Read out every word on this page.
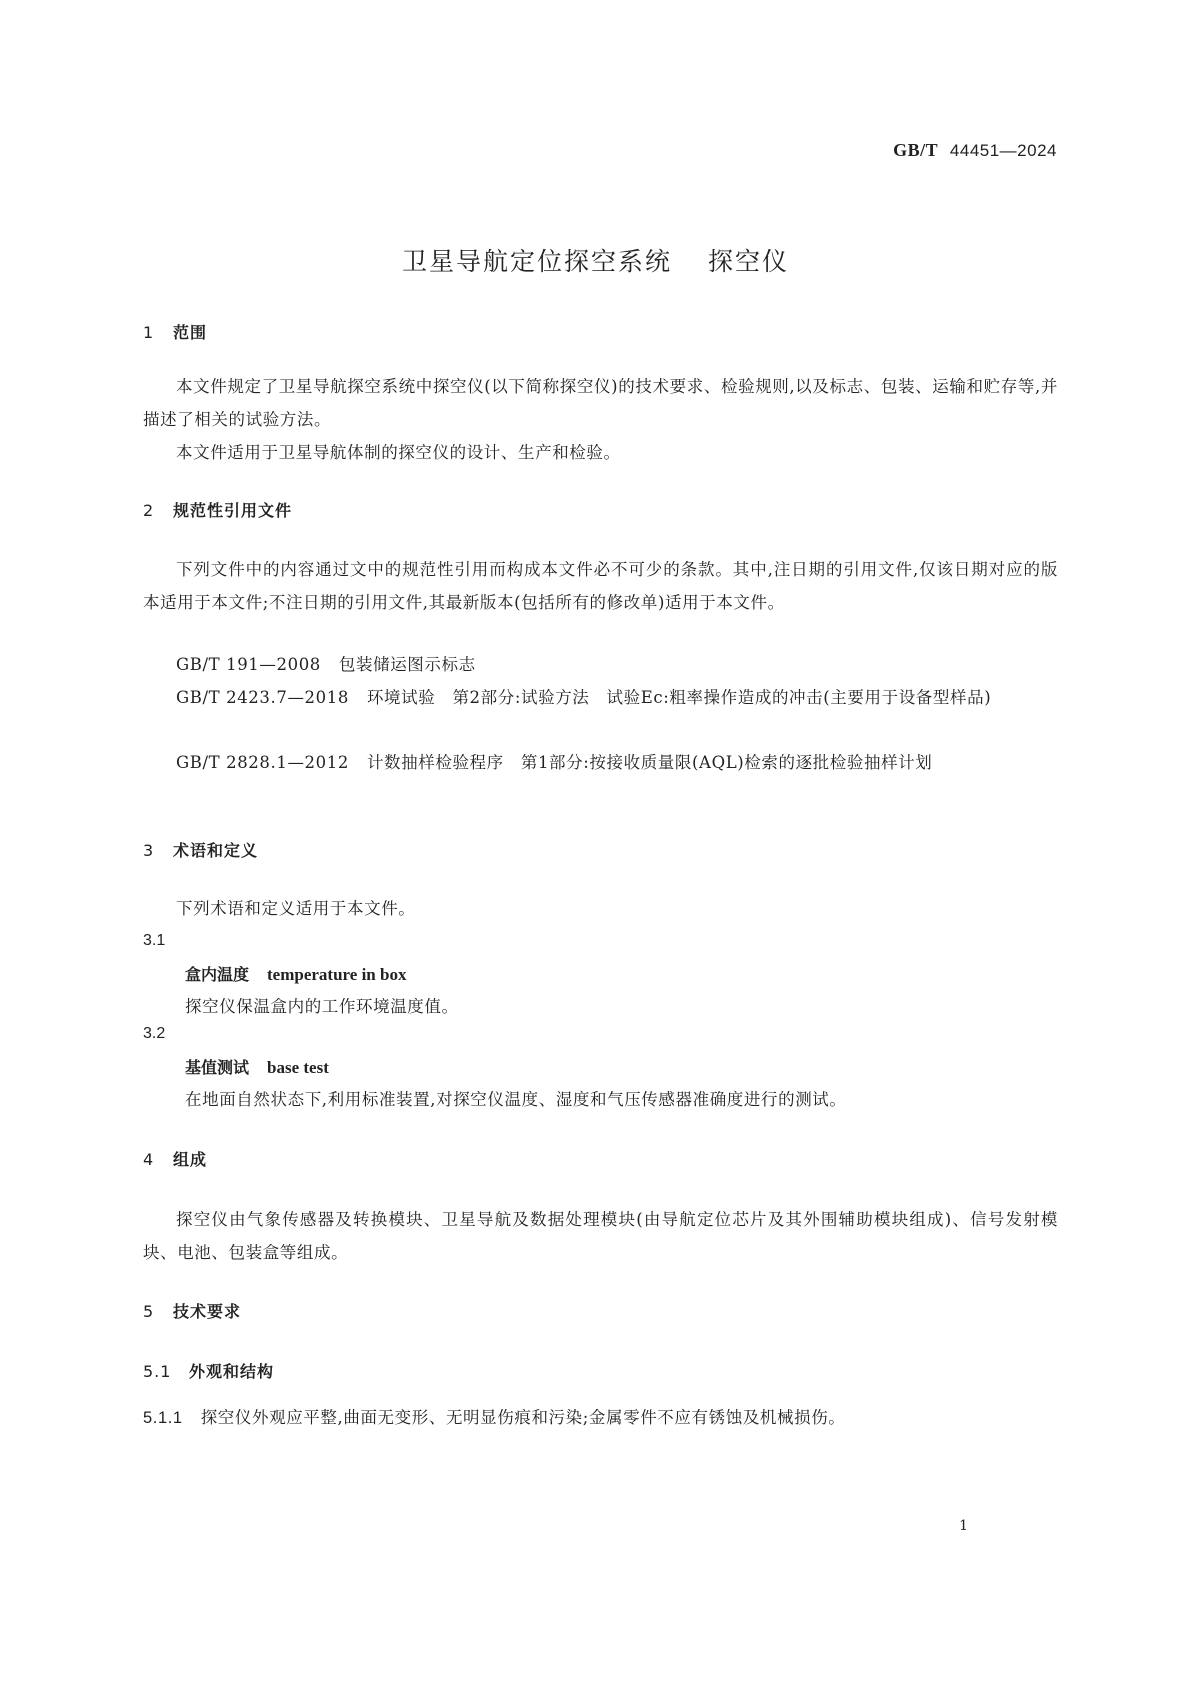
GB/T 44451—2024
卫星导航定位探空系统 探空仪
1 范围
本文件规定了卫星导航探空系统中探空仪(以下简称探空仪)的技术要求、检验规则,以及标志、包装、运输和贮存等,并描述了相关的试验方法。
本文件适用于卫星导航体制的探空仪的设计、生产和检验。
2 规范性引用文件
下列文件中的内容通过文中的规范性引用而构成本文件必不可少的条款。其中,注日期的引用文件,仅该日期对应的版本适用于本文件;不注日期的引用文件,其最新版本(包括所有的修改单)适用于本文件。
GB/T 191—2008 包装储运图示标志
GB/T 2423.7—2018 环境试验　第2部分:试验方法　试验Ec:粗率操作造成的冲击(主要用于设备型样品)
GB/T 2828.1—2012 计数抽样检验程序　第1部分:按接收质量限(AQL)检索的逐批检验抽样计划
3 术语和定义
下列术语和定义适用于本文件。
3.1
盒内温度 temperature in box
探空仪保温盒内的工作环境温度值。
3.2
基值测试 base test
在地面自然状态下,利用标准装置,对探空仪温度、湿度和气压传感器准确度进行的测试。
4 组成
探空仪由气象传感器及转换模块、卫星导航及数据处理模块(由导航定位芯片及其外围辅助模块组成)、信号发射模块、电池、包装盒等组成。
5 技术要求
5.1 外观和结构
5.1.1 探空仪外观应平整,曲面无变形、无明显伤痕和污染;金属零件不应有锈蚀及机械损伤。
1
